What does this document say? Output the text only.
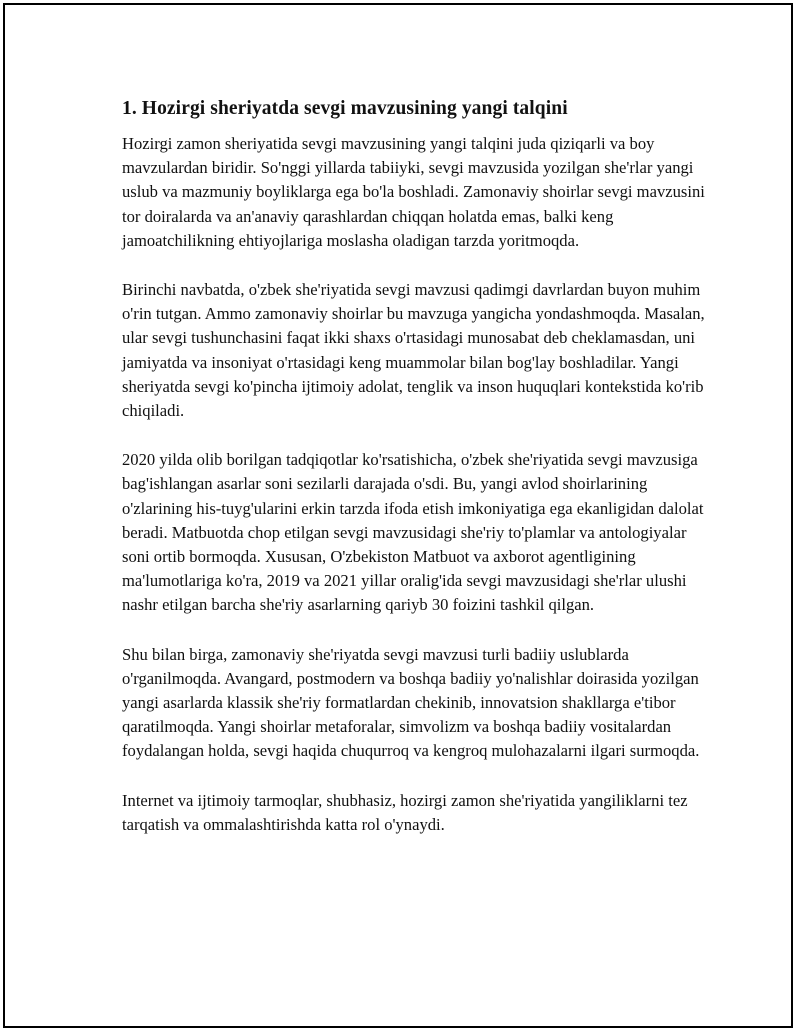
1. Hozirgi sheriyatda sevgi mavzusining yangi talqini

Hozirgi zamon sheriyatida sevgi mavzusining yangi talqini juda qiziqarli va boy mavzulardan biridir. So'nggi yillarda tabiiyki, sevgi mavzusida yozilgan she'rlar yangi uslub va mazmuniy boyliklarga ega bo'la boshladi. Zamonaviy shoirlar sevgi mavzusini tor doiralarda va an'anaviy qarashlardan chiqqan holatda emas, balki keng jamoatchilikning ehtiyojlariga moslasha oladigan tarzda yoritmoqda.

Birinchi navbatda, o'zbek she'riyatida sevgi mavzusi qadimgi davrlardan buyon muhim o'rin tutgan. Ammo zamonaviy shoirlar bu mavzuga yangicha yondashmoqda. Masalan, ular sevgi tushunchasini faqat ikki shaxs o'rtasidagi munosabat deb cheklamasdan, uni jamiyatda va insoniyat o'rtasidagi keng muammolar bilan bog'lay boshladilar. Yangi sheriyatda sevgi ko'pincha ijtimoiy adolat, tenglik va inson huquqlari kontekstida ko'rib chiqiladi.

2020 yilda olib borilgan tadqiqotlar ko'rsatishicha, o'zbek she'riyatida sevgi mavzusiga bag'ishlangan asarlar soni sezilarli darajada o'sdi. Bu, yangi avlod shoirlarining o'zlarining his-tuyg'ularini erkin tarzda ifoda etish imkoniyatiga ega ekanligidan dalolat beradi. Matbuotda chop etilgan sevgi mavzusidagi she'riy to'plamlar va antologiyalar soni ortib bormoqda. Xususan, O'zbekiston Matbuot va axborot agentligining ma'lumotlariga ko'ra, 2019 va 2021 yillar oralig'ida sevgi mavzusidagi she'rlar ulushi nashr etilgan barcha she'riy asarlarning qariyb 30 foizini tashkil qilgan.

Shu bilan birga, zamonaviy she'riyatda sevgi mavzusi turli badiiy uslublarda o'rganilmoqda. Avangard, postmodern va boshqa badiiy yo'nalishlar doirasida yozilgan yangi asarlarda klassik she'riy formatlardan chekinib, innovatsion shakllarga e'tibor qaratilmoqda. Yangi shoirlar metaforalar, simvolizm va boshqa badiiy vositalardan foydalangan holda, sevgi haqida chuqurroq va kengroq mulohazalarni ilgari surmoqda.

Internet va ijtimoiy tarmoqlar, shubhasiz, hozirgi zamon she'riyatida yangiliklarni tez tarqatish va ommalashtirishda katta rol o'ynaydi.
